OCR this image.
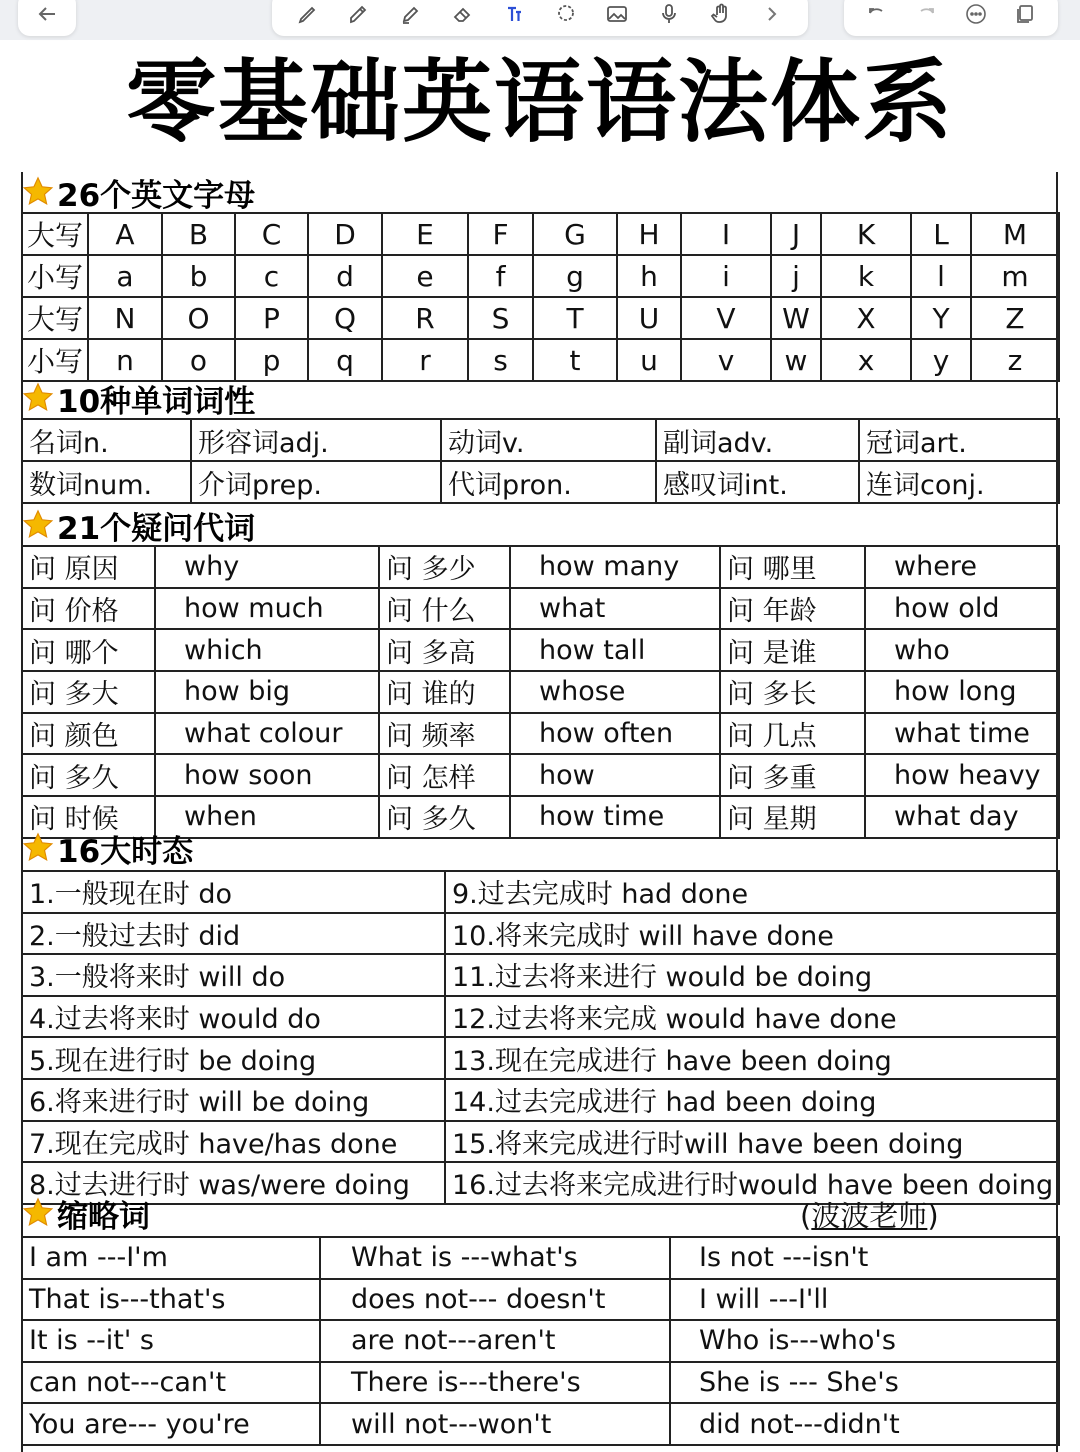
零基础英语语法体系
26个英文字母
大写	A	B	C	D	E	F	G	H	I	J	K	L	M
小写	a	b	c	d	e	f	g	h	i	j	k	l	m
大写	N	O	P	Q	R	S	T	U	V	W	X	Y	Z
小写	n	o	p	q	r	s	t	u	v	w	x	y	z
10种单词词性
名词n.	形容词adj.	动词v.	副词adv.	冠词art.
数词num.	介词prep.	代词pron.	感叹词int.	连词conj.
21个疑问代词
问 原因	why	问 多少	how many	问 哪里	where
问 价格	how much	问 什么	what	问 年龄	how old
问 哪个	which	问 多高	how tall	问 是谁	who
问 多大	how big	问 谁的	whose	问 多长	how long
问 颜色	what colour	问 频率	how often	问 几点	what time
问 多久	how soon	问 怎样	how	问 多重	how heavy
问 时候	when	问 多久	how time	问 星期	what day
16大时态
1.一般现在时 do	9.过去完成时 had done
2.一般过去时 did	10.将来完成时 will have done
3.一般将来时 will do	11.过去将来进行 would be doing
4.过去将来时 would do	12.过去将来完成 would have done
5.现在进行时 be doing	13.现在完成进行 have been doing
6.将来进行时 will be doing	14.过去完成进行 had been doing
7.现在完成时 have/has done	15.将来完成进行时will have been doing
8.过去进行时 was/were doing	16.过去将来完成进行时would have been doing
缩略词	(波波老师)
I am ---I'm	What is ---what's	Is not ---isn't
That is---that's	does not--- doesn't	I will ---I'll
It is --it' s	are not---aren't	Who is---who's
can not---can't	There is---there's	She is --- She's
You are--- you're	will not---won't	did not---didn't
